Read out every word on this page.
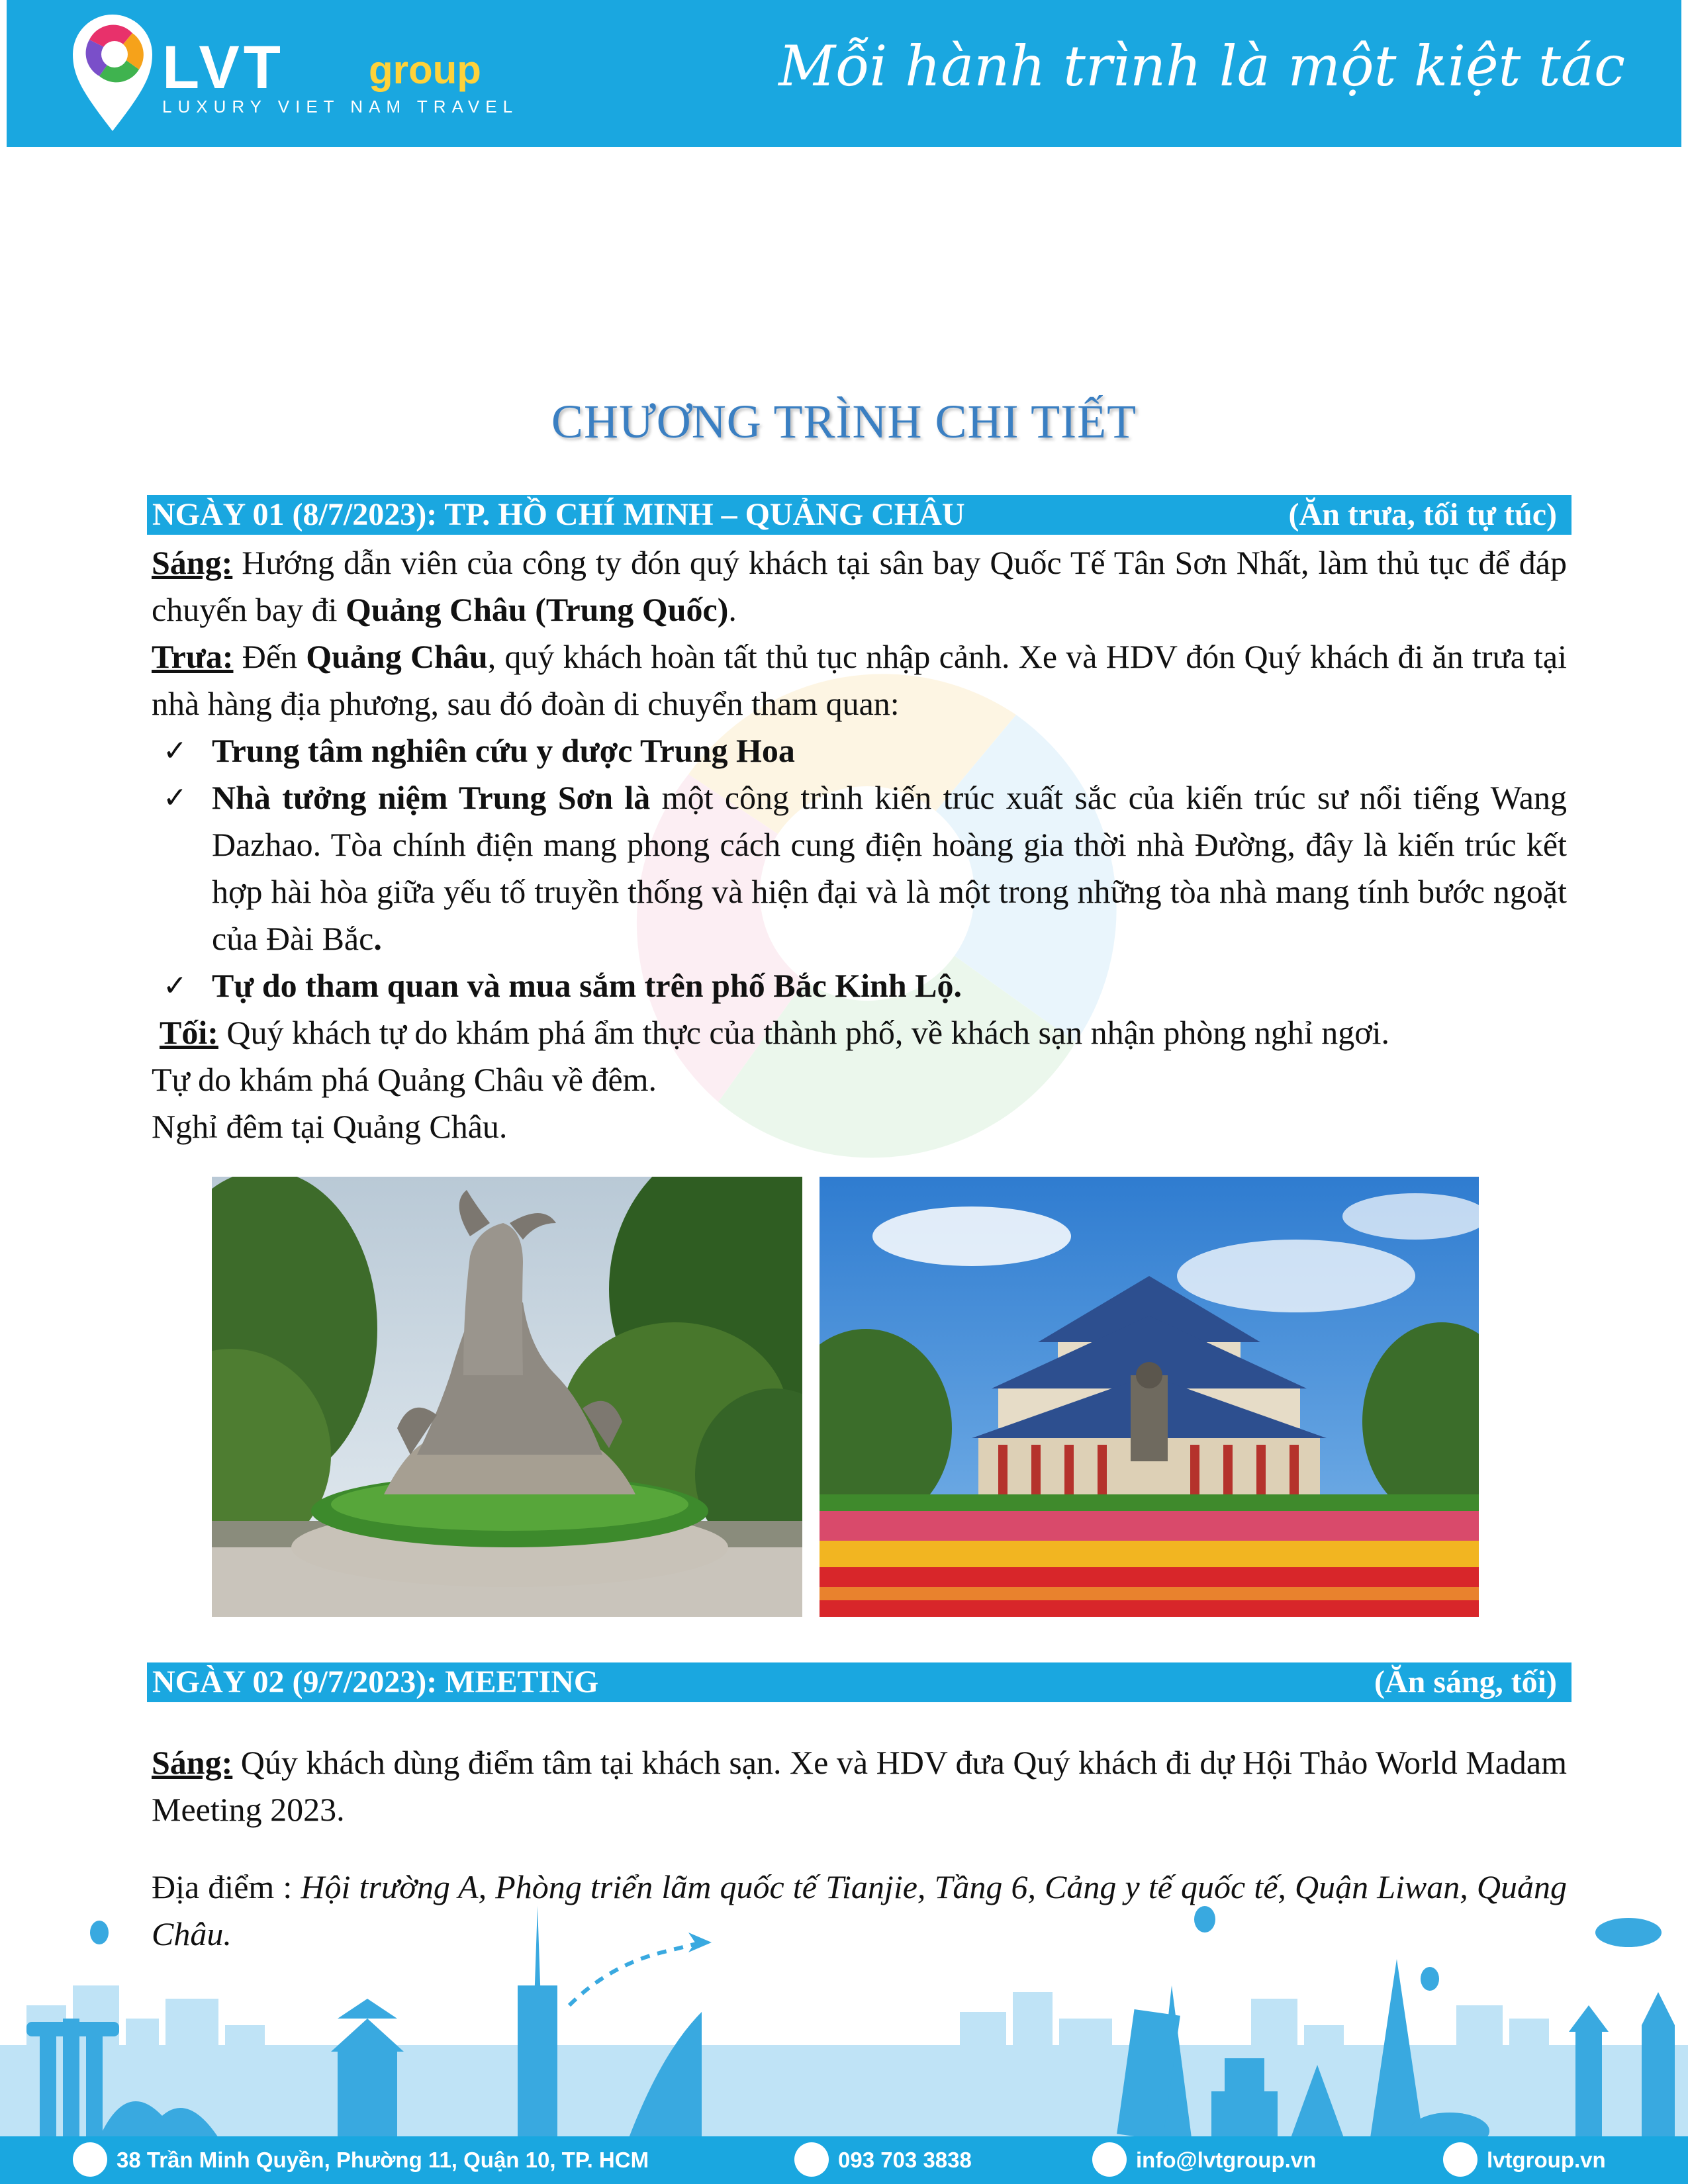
LVT group
LUXURY VIET NAM TRAVEL
Mỗi hành trình là một kiệt tác
CHƯƠNG TRÌNH CHI TIẾT
NGÀY 01 (8/7/2023): TP. HỒ CHÍ MINH – QUẢNG CHÂU	(Ăn trưa, tối tự túc)

Sáng: Hướng dẫn viên của công ty đón quý khách tại sân bay Quốc Tế Tân Sơn Nhất, làm thủ tục để đáp chuyến bay đi Quảng Châu (Trung Quốc).

Trưa: Đến Quảng Châu, quý khách hoàn tất thủ tục nhập cảnh. Xe và HDV đón Quý khách đi ăn trưa tại nhà hàng địa phương, sau đó đoàn di chuyển tham quan:

✓ Trung tâm nghiên cứu y dược Trung Hoa
✓ Nhà tưởng niệm Trung Sơn là một công trình kiến trúc xuất sắc của kiến trúc sư nổi tiếng Wang Dazhao. Tòa chính điện mang phong cách cung điện hoàng gia thời nhà Đường, đây là kiến trúc kết hợp hài hòa giữa yếu tố truyền thống và hiện đại và là một trong những tòa nhà mang tính bước ngoặt của Đài Bắc.
✓ Tự do tham quan và mua sắm trên phố Bắc Kinh Lộ.

Tối: Quý khách tự do khám phá ẩm thực của thành phố, về khách sạn nhận phòng nghỉ ngơi.

Tự do khám phá Quảng Châu về đêm.

Nghỉ đêm tại Quảng Châu.

NGÀY 02 (9/7/2023): MEETING	(Ăn sáng, tối)

Sáng: Qúy khách dùng điểm tâm tại khách sạn. Xe và HDV đưa Quý khách đi dự Hội Thảo World Madam Meeting 2023.

Địa điểm : Hội trường A, Phòng triển lãm quốc tế Tianjie, Tầng 6, Cảng y tế quốc tế, Quận Liwan, Quảng Châu.

38 Trần Minh Quyền, Phường 11, Quận 10, TP. HCM	093 703 3838	info@lvtgroup.vn	lvtgroup.vn
